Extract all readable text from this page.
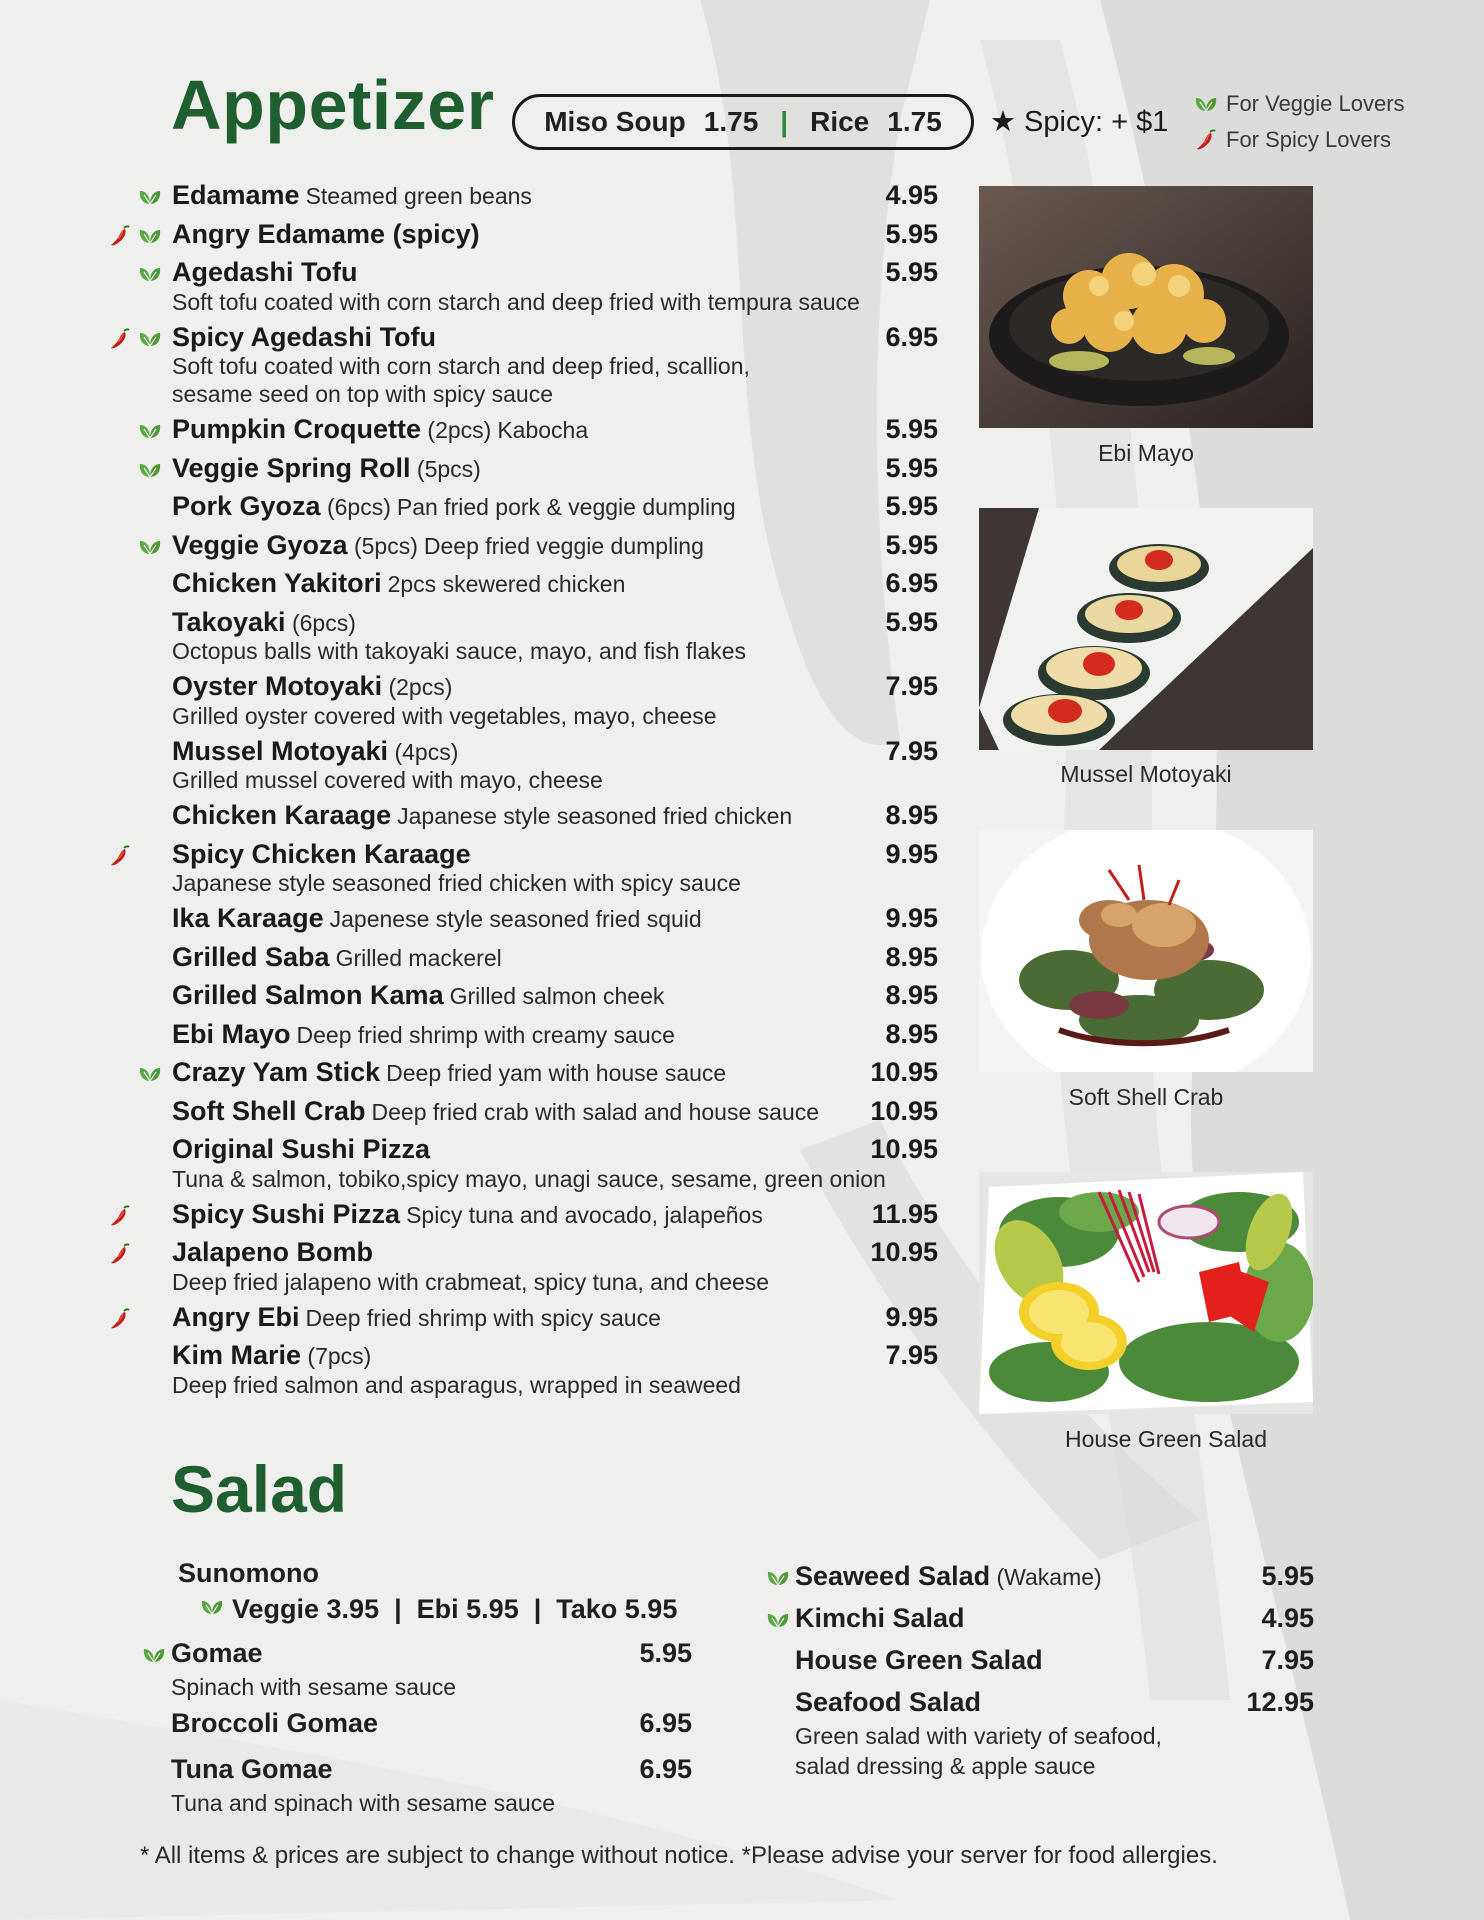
Appetizer Miso Soup 1.75 | Rice 1.75 ★ Spicy: + $1
For Veggie Lovers
For Spicy Lovers
Edamame Steamed green beans	4.95
Angry Edamame (spicy)	5.95
Agedashi Tofu	5.95
Soft tofu coated with corn starch and deep fried with tempura sauce
Spicy Agedashi Tofu	6.95
Soft tofu coated with corn starch and deep fried, scallion,
sesame seed on top with spicy sauce
Pumpkin Croquette (2pcs) Kabocha	5.95
Veggie Spring Roll (5pcs)	5.95
Pork Gyoza (6pcs) Pan fried pork & veggie dumpling	5.95
Veggie Gyoza (5pcs) Deep fried veggie dumpling	5.95
Chicken Yakitori 2pcs skewered chicken	6.95
Takoyaki (6pcs)	5.95
Octopus balls with takoyaki sauce, mayo, and fish flakes
Oyster Motoyaki (2pcs)	7.95
Grilled oyster covered with vegetables, mayo, cheese
Mussel Motoyaki (4pcs)	7.95
Grilled mussel covered with mayo, cheese
Chicken Karaage Japanese style seasoned fried chicken	8.95
Spicy Chicken Karaage	9.95
Japanese style seasoned fried chicken with spicy sauce
Ika Karaage Japenese style seasoned fried squid	9.95
Grilled Saba Grilled mackerel	8.95
Grilled Salmon Kama Grilled salmon cheek	8.95
Ebi Mayo Deep fried shrimp with creamy sauce	8.95
Crazy Yam Stick Deep fried yam with house sauce	10.95
Soft Shell Crab Deep fried crab with salad and house sauce 10.95
Original Sushi Pizza	10.95
Tuna & salmon, tobiko,spicy mayo, unagi sauce, sesame, green onion
Spicy Sushi Pizza Spicy tuna and avocado, jalapeños	11.95
Jalapeno Bomb	10.95
Deep fried jalapeno with crabmeat, spicy tuna, and cheese
Angry Ebi Deep fried shrimp with spicy sauce	9.95
Kim Marie (7pcs)	7.95
Deep fried salmon and asparagus, wrapped in seaweed
Ebi Mayo
Mussel Motoyaki
Soft Shell Crab
House Green Salad
Salad
Sunomono
Veggie 3.95  |  Ebi 5.95  |  Tako 5.95
Gomae	5.95
Spinach with sesame sauce
Broccoli Gomae	6.95
Tuna Gomae	6.95
Tuna and spinach with sesame sauce
Seaweed Salad (Wakame)	5.95
Kimchi Salad	4.95
House Green Salad	7.95
Seafood Salad	12.95
Green salad with variety of seafood,
salad dressing & apple sauce
* All items & prices are subject to change without notice. *Please advise your server for food allergies.
